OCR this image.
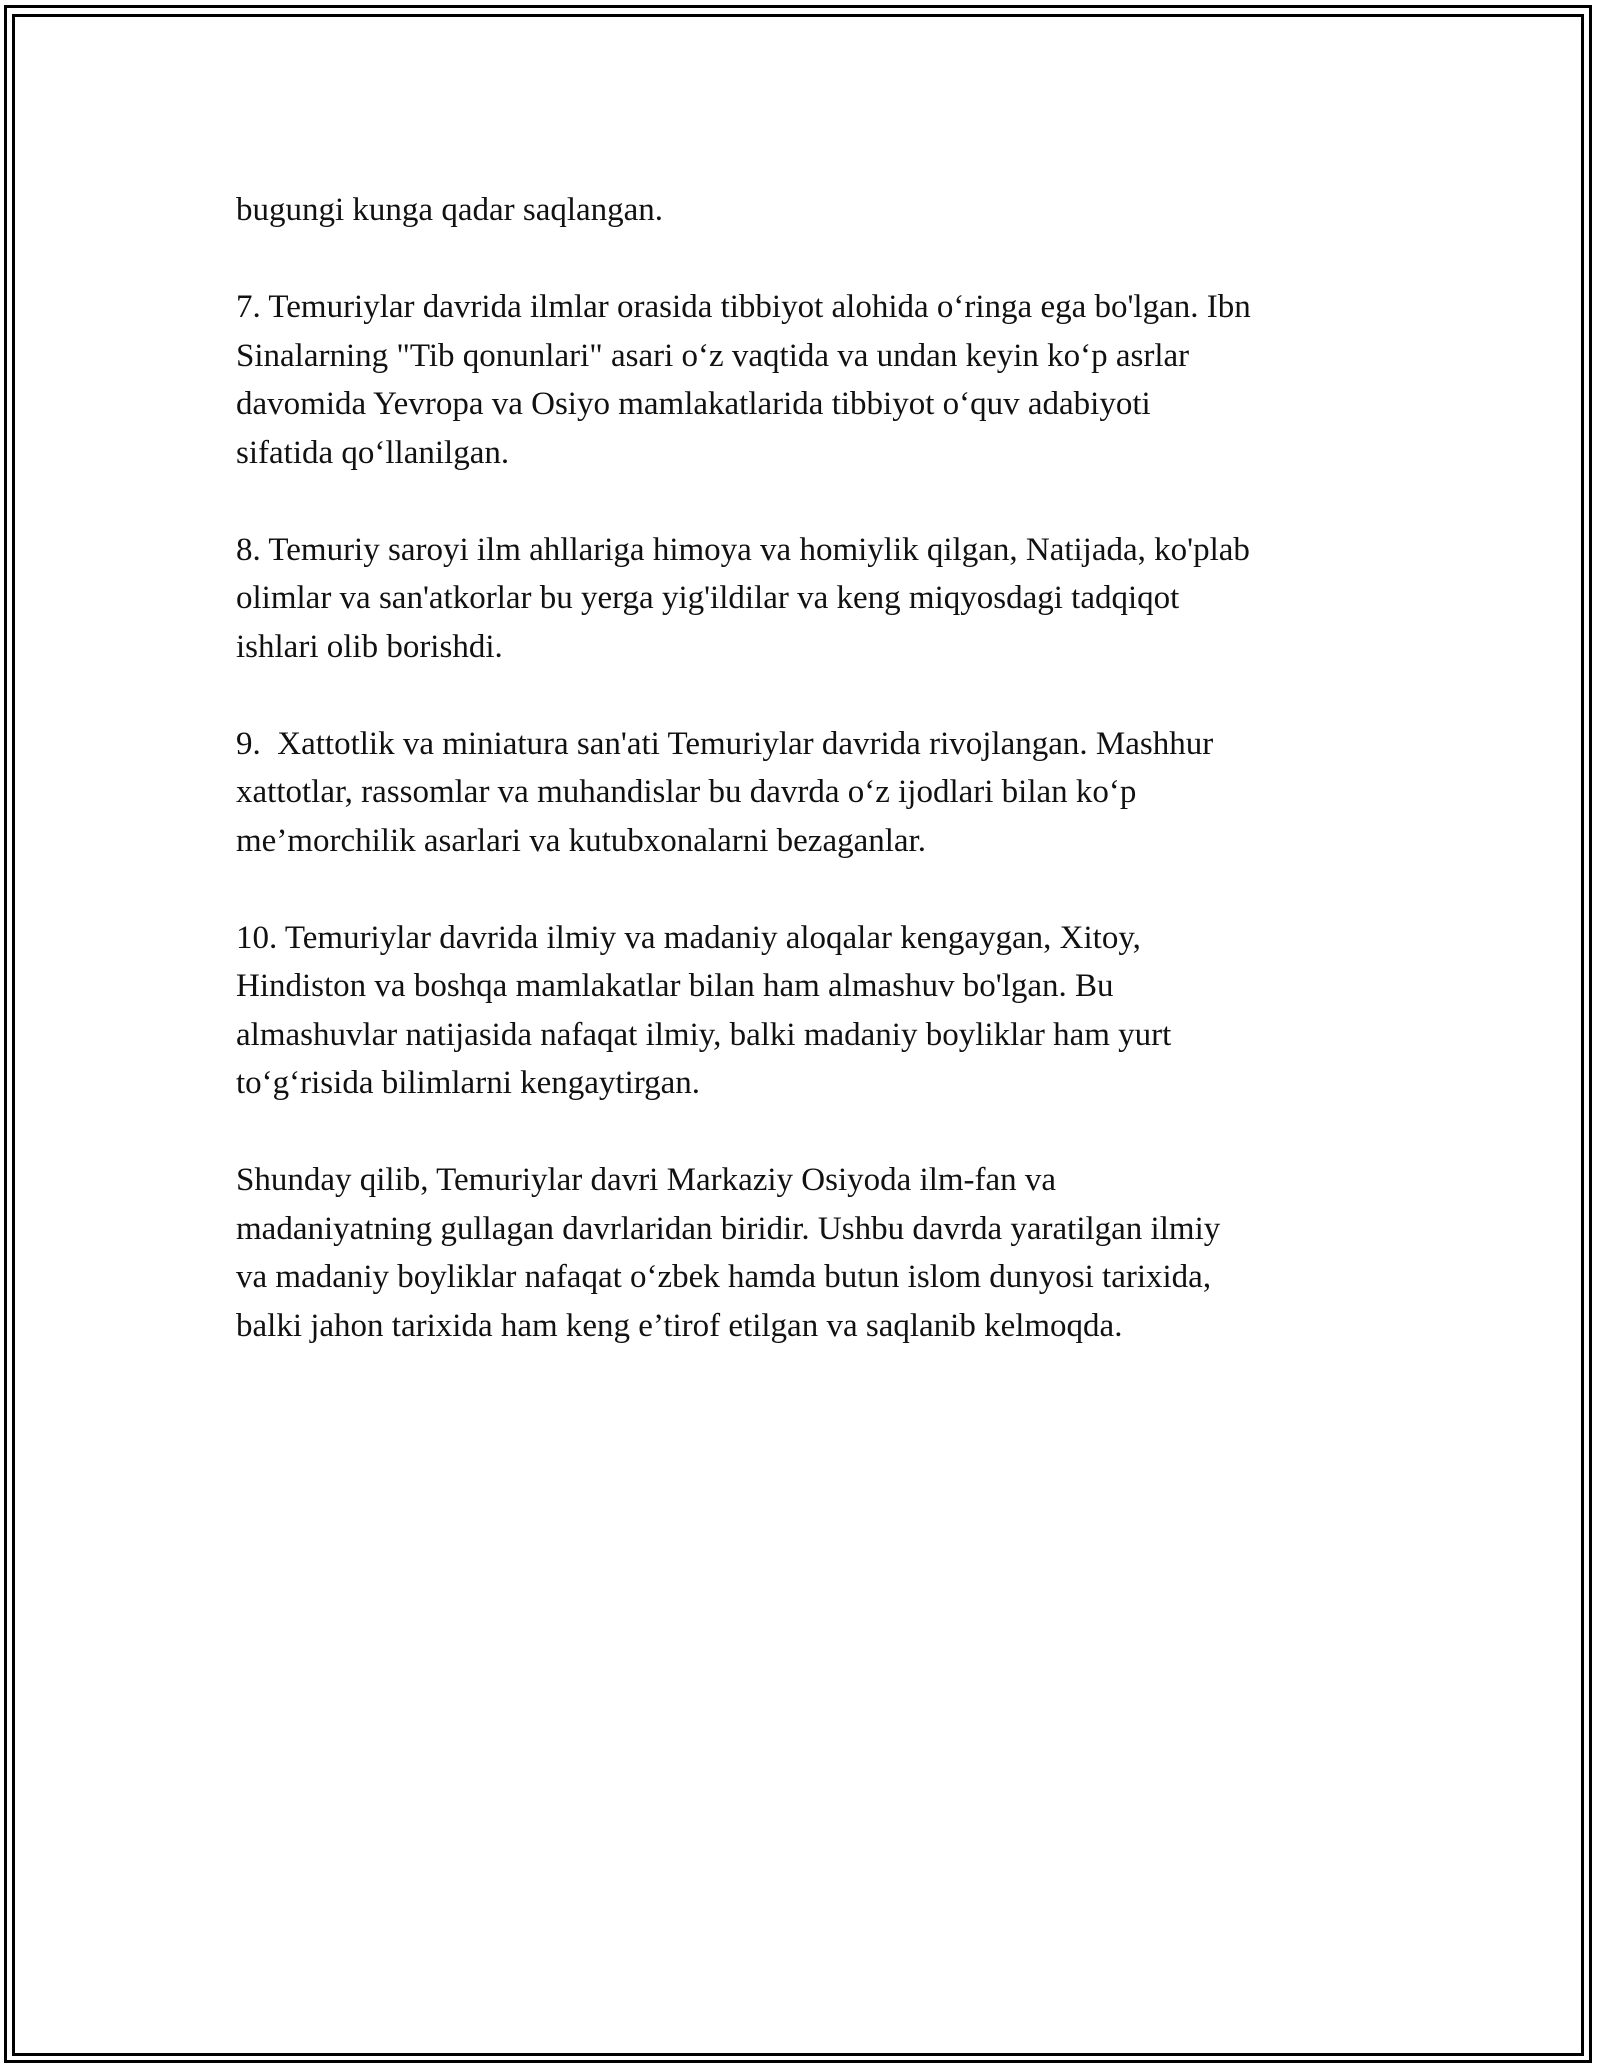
bugungi kunga qadar saqlangan.
7. Temuriylar davrida ilmlar orasida tibbiyot alohida o‘ringa ega bo'lgan. Ibn
Sinalarning "Tib qonunlari" asari o‘z vaqtida va undan keyin ko‘p asrlar
davomida Yevropa va Osiyo mamlakatlarida tibbiyot o‘quv adabiyoti
sifatida qo‘llanilgan.
8. Temuriy saroyi ilm ahllariga himoya va homiylik qilgan, Natijada, ko'plab
olimlar va san'atkorlar bu yerga yig'ildilar va keng miqyosdagi tadqiqot
ishlari olib borishdi.
9.  Xattotlik va miniatura san'ati Temuriylar davrida rivojlangan. Mashhur
xattotlar, rassomlar va muhandislar bu davrda o‘z ijodlari bilan ko‘p
me’morchilik asarlari va kutubxonalarni bezaganlar.
10. Temuriylar davrida ilmiy va madaniy aloqalar kengaygan, Xitoy,
Hindiston va boshqa mamlakatlar bilan ham almashuv bo'lgan. Bu
almashuvlar natijasida nafaqat ilmiy, balki madaniy boyliklar ham yurt
to‘g‘risida bilimlarni kengaytirgan.
Shunday qilib, Temuriylar davri Markaziy Osiyoda ilm-fan va
madaniyatning gullagan davrlaridan biridir. Ushbu davrda yaratilgan ilmiy
va madaniy boyliklar nafaqat o‘zbek hamda butun islom dunyosi tarixida,
balki jahon tarixida ham keng e’tirof etilgan va saqlanib kelmoqda.
